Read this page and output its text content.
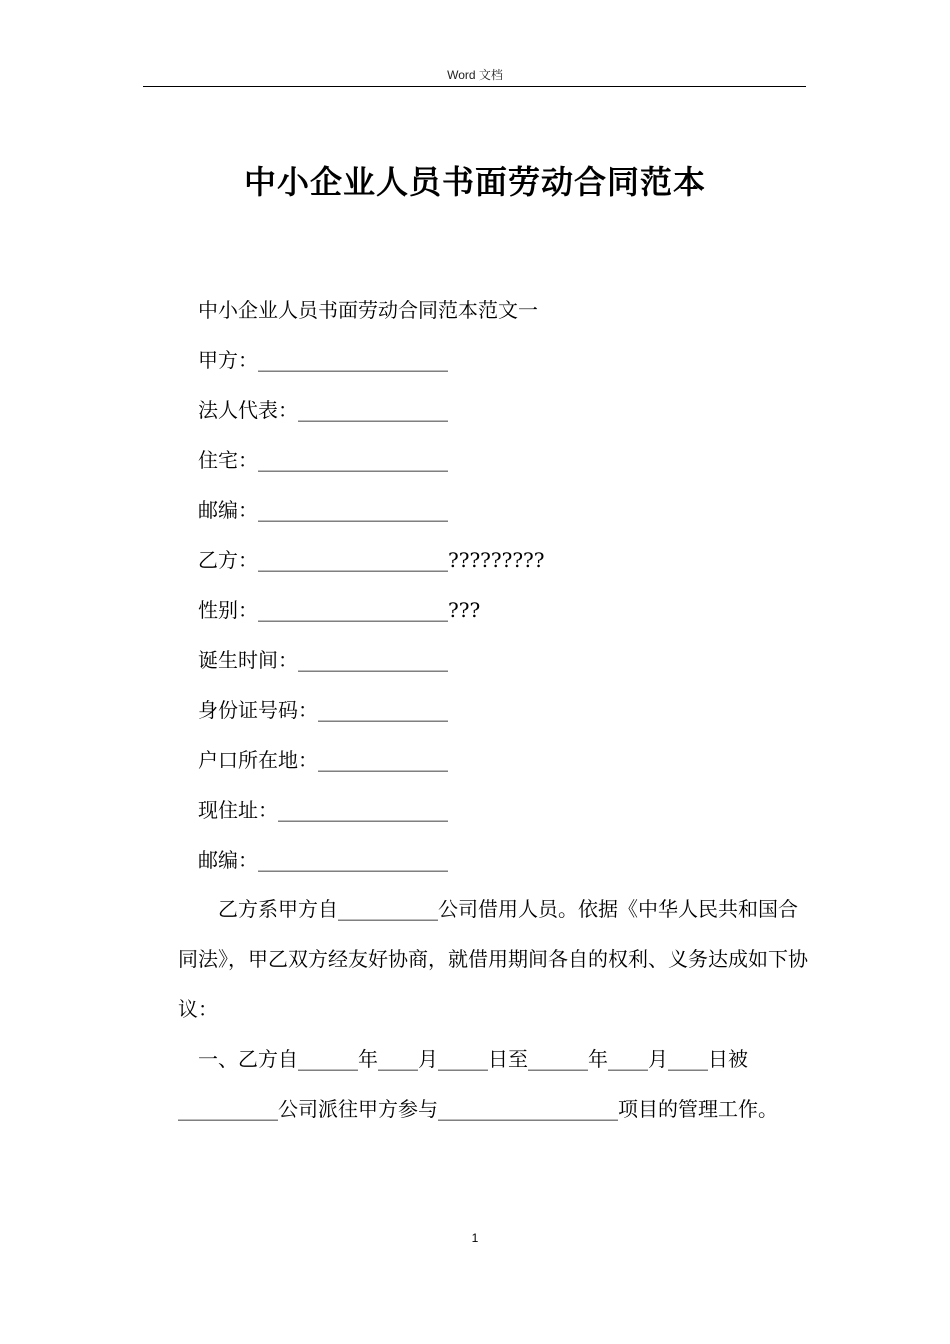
Word 文档
中小企业人员书面劳动合同范本
中小企业人员书面劳动合同范本范文一
甲方：___________________
法人代表：_______________
住宅：___________________
邮编：___________________
乙方：___________________?????????
性别：___________________???
诞生时间：_______________
身份证号码：_____________
户口所在地：_____________
现住址：_________________
邮编：___________________
　　乙方系甲方自__________公司借用人员。依据《中华人民共和国合同法》，甲乙双方经友好协商，就借用期间各自的权利、义务达成如下协议：
　一、乙方自______年____月_____日至______年____月____日被__________公司派往甲方参与__________________项目的管理工作。
1
